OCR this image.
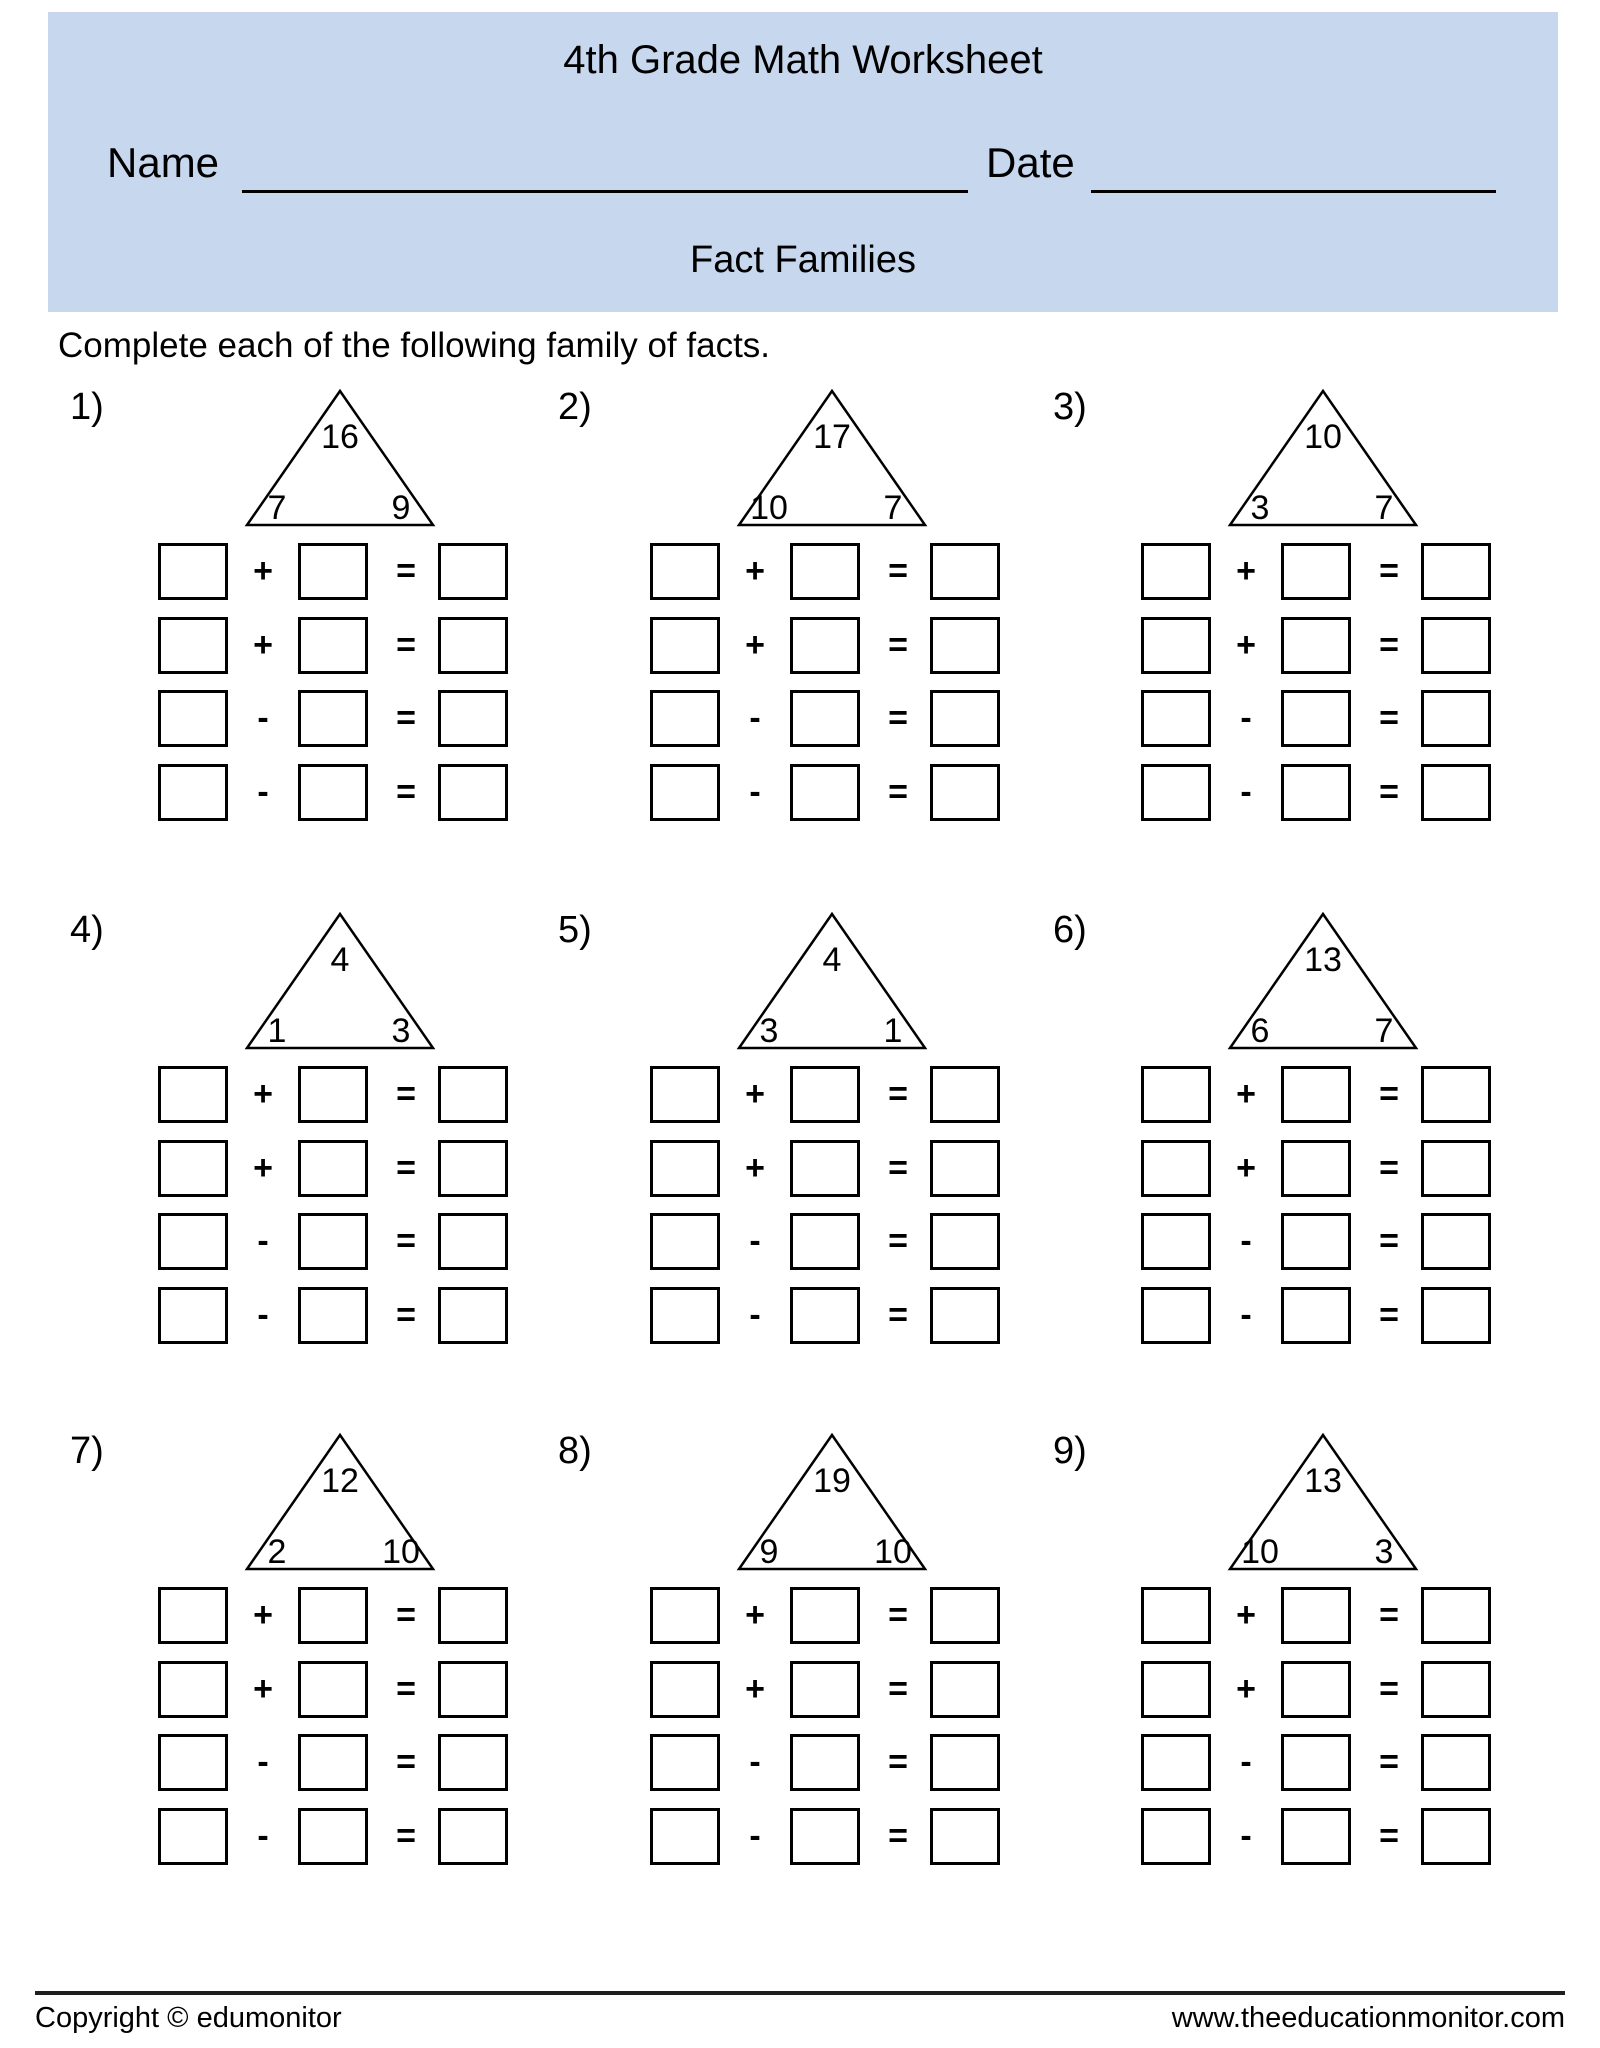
4th Grade Math Worksheet
Name	Date
Fact Families
Complete each of the following family of facts.
1)
16
7	9
+	=
+	=
-	=
-	=
2)
17
10	7
+	=
+	=
-	=
-	=
3)
10
3	7
+	=
+	=
-	=
-	=
4)
4
1	3
+	=
+	=
-	=
-	=
5)
4
3	1
+	=
+	=
-	=
-	=
6)
13
6	7
+	=
+	=
-	=
-	=
7)
12
2	10
+	=
+	=
-	=
-	=
8)
19
9	10
+	=
+	=
-	=
-	=
9)
13
10	3
+	=
+	=
-	=
-	=
Copyright © edumonitor	www.theeducationmonitor.com
